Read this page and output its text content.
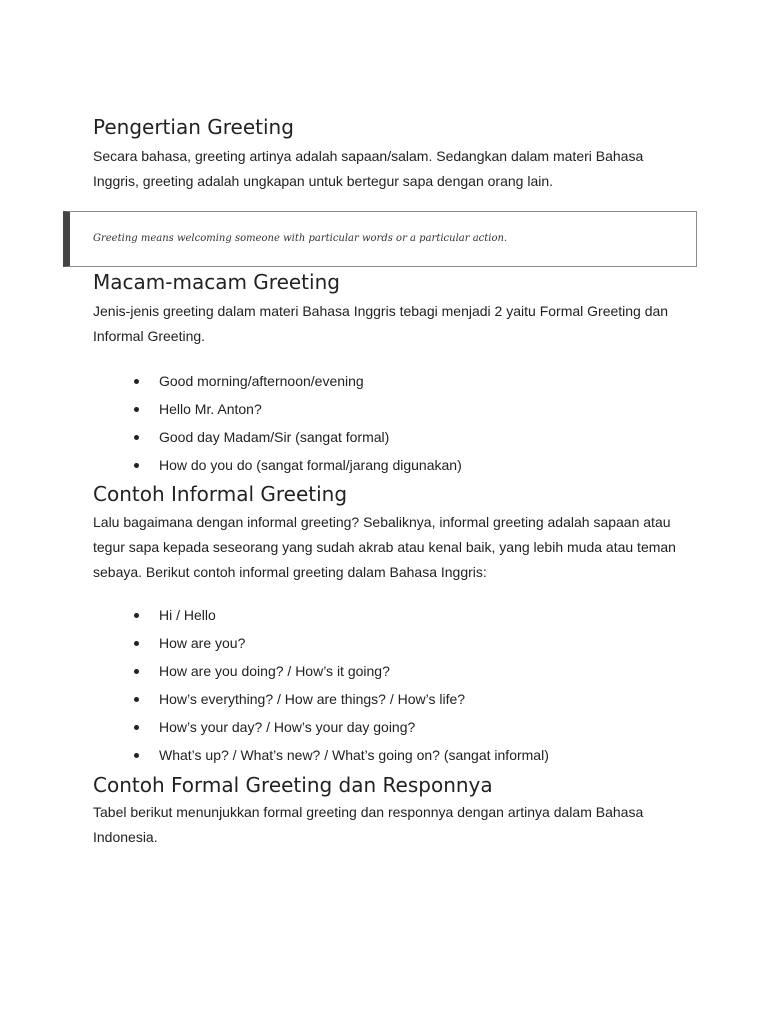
Pengertian Greeting

Secara bahasa, greeting artinya adalah sapaan/salam. Sedangkan dalam materi Bahasa Inggris, greeting adalah ungkapan untuk bertegur sapa dengan orang lain.

Greeting means welcoming someone with particular words or a particular action.
Macam-macam Greeting

Jenis-jenis greeting dalam materi Bahasa Inggris tebagi menjadi 2 yaitu Formal Greeting dan Informal Greeting.

Good morning/afternoon/evening
Hello Mr. Anton?
Good day Madam/Sir (sangat formal)
How do you do (sangat formal/jarang digunakan)
Contoh Informal Greeting

Lalu bagaimana dengan informal greeting? Sebaliknya, informal greeting adalah sapaan atau tegur sapa kepada seseorang yang sudah akrab atau kenal baik, yang lebih muda atau teman sebaya. Berikut contoh informal greeting dalam Bahasa Inggris:

Hi / Hello
How are you?
How are you doing? / How’s it going?
How’s everything? / How are things? / How’s life?
How’s your day? / How’s your day going?
What’s up? / What’s new? / What’s going on? (sangat informal)
Contoh Formal Greeting dan Responnya

Tabel berikut menunjukkan formal greeting dan responnya dengan artinya dalam Bahasa Indonesia.
